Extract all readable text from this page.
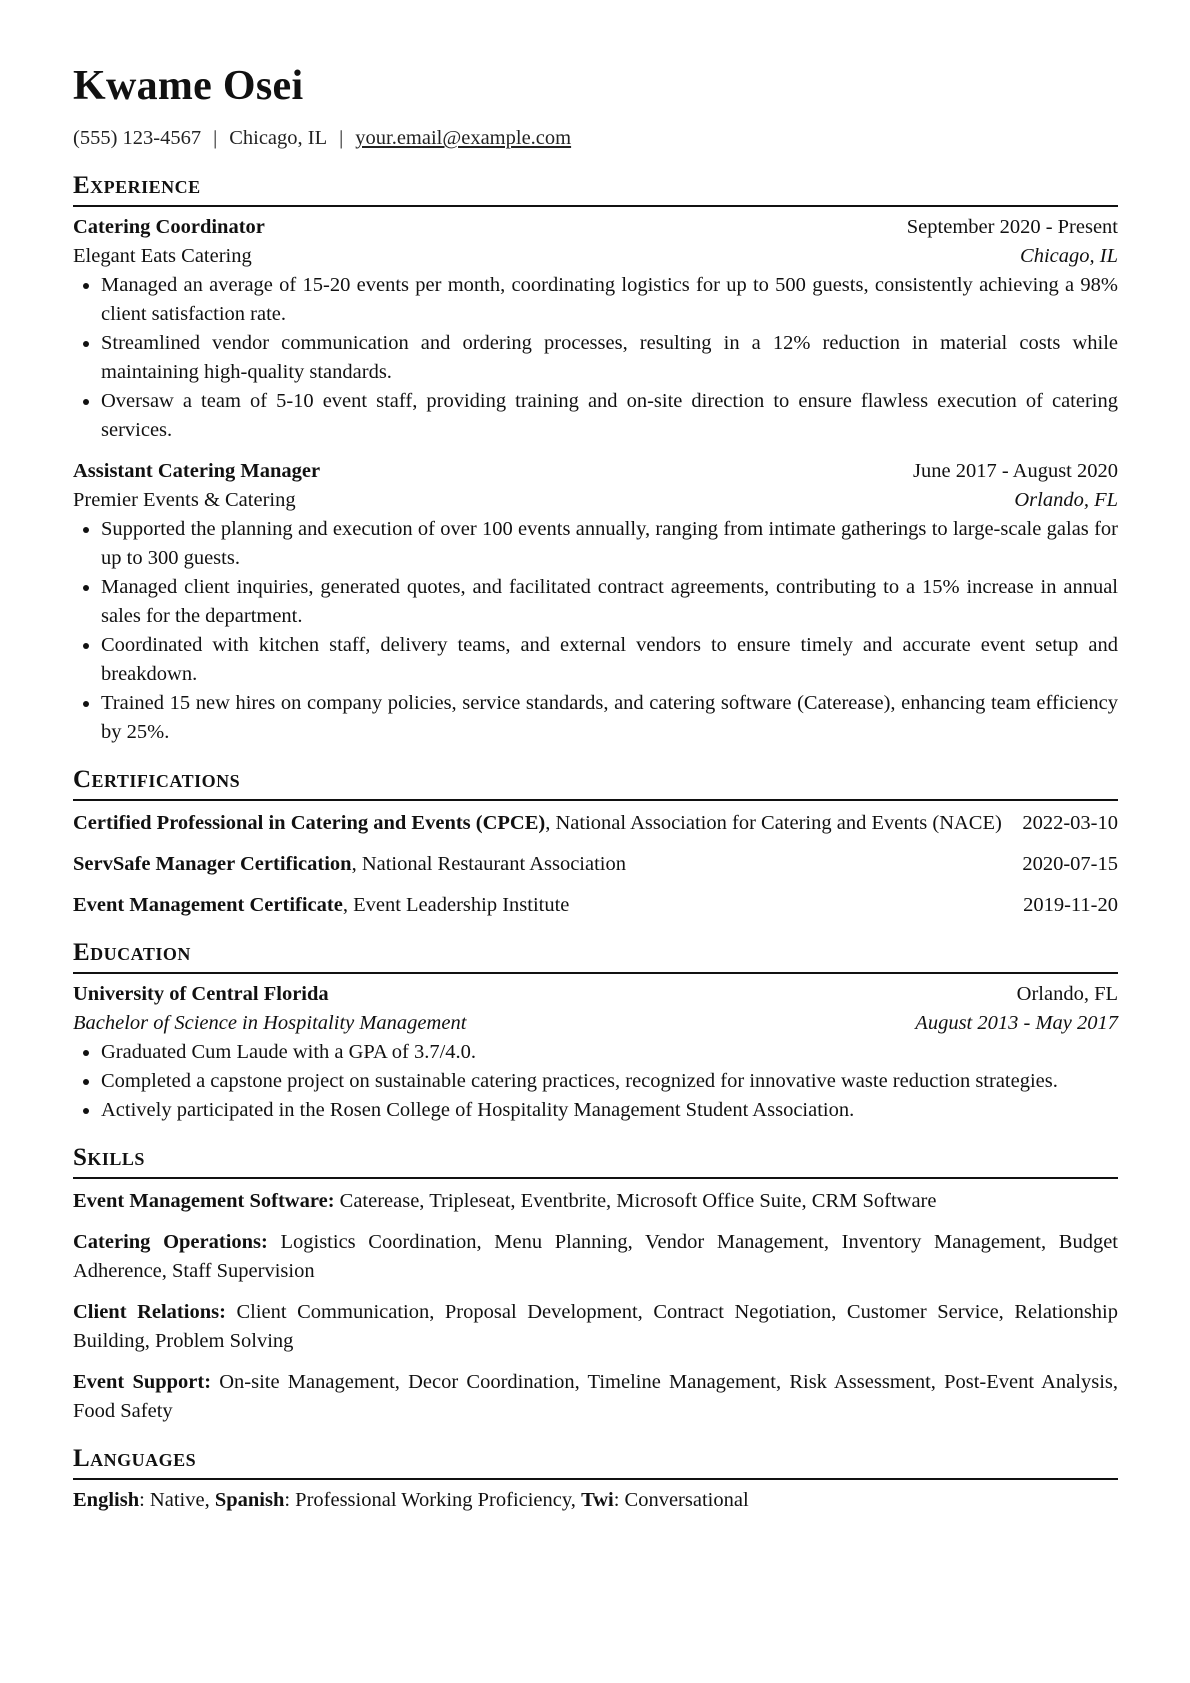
Kwame Osei
(555) 123-4567 | Chicago, IL | your.email@example.com
Experience
Catering Coordinator	September 2020 - Present
Elegant Eats Catering	Chicago, IL
• Managed an average of 15-20 events per month, coordinating logistics for up to 500 guests, consistently achieving a 98% client satisfaction rate.
• Streamlined vendor communication and ordering processes, resulting in a 12% reduction in material costs while maintaining high-quality standards.
• Oversaw a team of 5-10 event staff, providing training and on-site direction to ensure flawless execution of catering services.
Assistant Catering Manager	June 2017 - August 2020
Premier Events & Catering	Orlando, FL
• Supported the planning and execution of over 100 events annually, ranging from intimate gatherings to large-scale galas for up to 300 guests.
• Managed client inquiries, generated quotes, and facilitated contract agreements, contributing to a 15% increase in annual sales for the department.
• Coordinated with kitchen staff, delivery teams, and external vendors to ensure timely and accurate event setup and breakdown.
• Trained 15 new hires on company policies, service standards, and catering software (Caterease), enhancing team efficiency by 25%.
Certifications
Certified Professional in Catering and Events (CPCE), National Association for Catering and Events (NACE) 2022-03-10
ServSafe Manager Certification, National Restaurant Association	2020-07-15
Event Management Certificate, Event Leadership Institute	2019-11-20
Education
University of Central Florida	Orlando, FL
Bachelor of Science in Hospitality Management	August 2013 - May 2017
• Graduated Cum Laude with a GPA of 3.7/4.0.
• Completed a capstone project on sustainable catering practices, recognized for innovative waste reduction strategies.
• Actively participated in the Rosen College of Hospitality Management Student Association.
Skills
Event Management Software: Caterease, Tripleseat, Eventbrite, Microsoft Office Suite, CRM Software
Catering Operations: Logistics Coordination, Menu Planning, Vendor Management, Inventory Management, Budget Adherence, Staff Supervision
Client Relations: Client Communication, Proposal Development, Contract Negotiation, Customer Service, Relationship Building, Problem Solving
Event Support: On-site Management, Decor Coordination, Timeline Management, Risk Assessment, Post-Event Analysis, Food Safety
Languages
English: Native, Spanish: Professional Working Proficiency, Twi: Conversational
